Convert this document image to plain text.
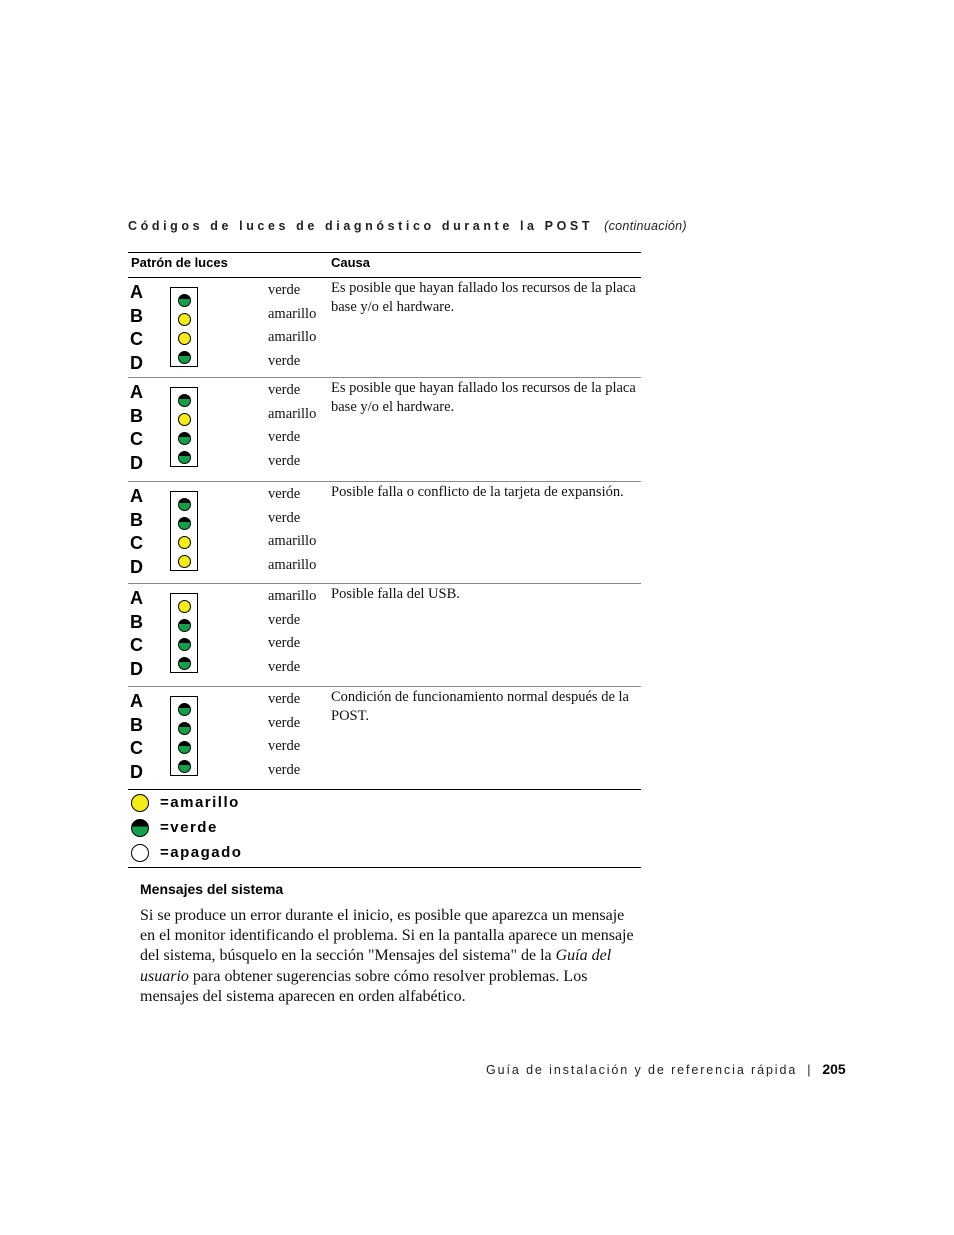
Códigos de luces de diagnóstico durante la POST (continuación)
Patrón de luces	Causa
A
B
C
D
verde
amarillo
amarillo
verde
Es posible que hayan fallado los recursos de la placa base y/o el hardware.
A
B
C
D
verde
amarillo
verde
verde
Es posible que hayan fallado los recursos de la placa base y/o el hardware.
A
B
C
D
verde
verde
amarillo
amarillo
Posible falla o conflicto de la tarjeta de expansión.
A
B
C
D
amarillo
verde
verde
verde
Posible falla del USB.
A
B
C
D
verde
verde
verde
verde
Condición de funcionamiento normal después de la POST.
=amarillo
=verde
=apagado
Mensajes del sistema
Si se produce un error durante el inicio, es posible que aparezca un mensaje en el monitor identificando el problema. Si en la pantalla aparece un mensaje del sistema, búsquelo en la sección "Mensajes del sistema" de la Guía del usuario para obtener sugerencias sobre cómo resolver problemas. Los mensajes del sistema aparecen en orden alfabético.
Guía de instalación y de referencia rápida | 205
